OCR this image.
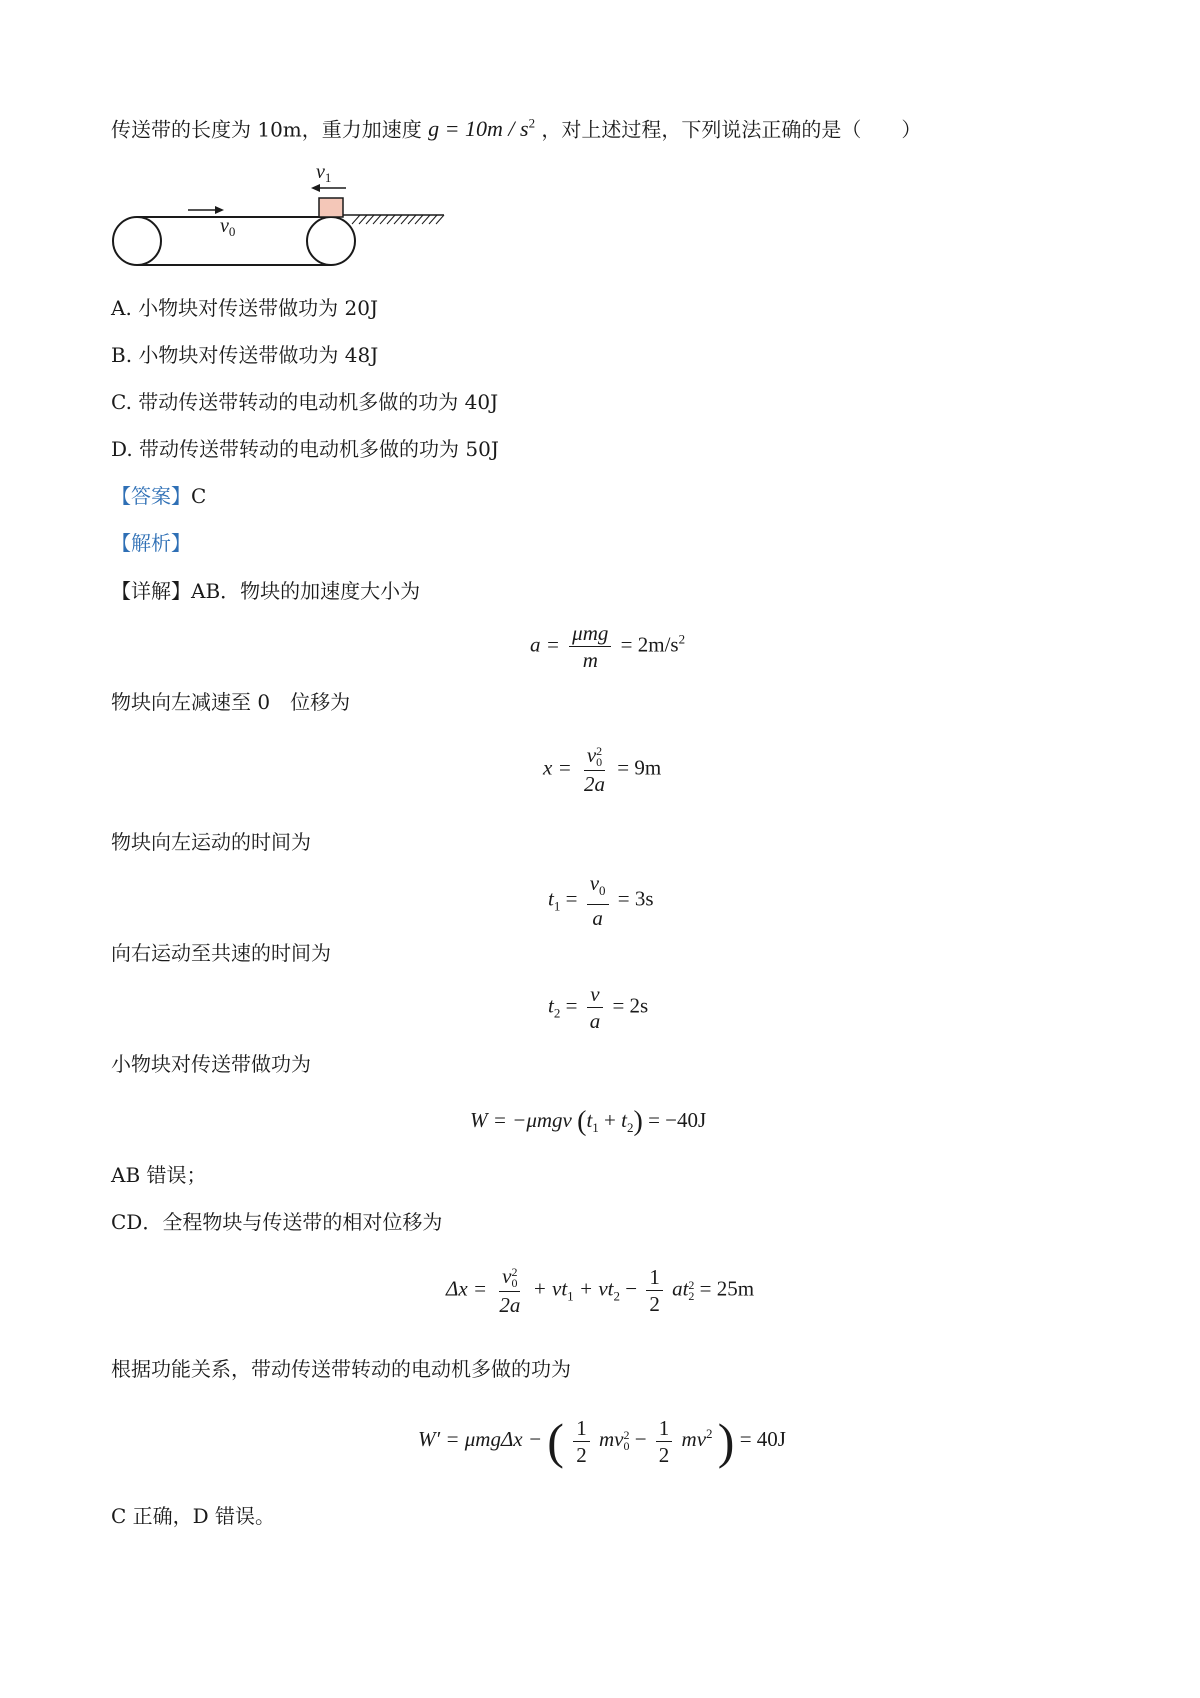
传送带的长度为 10m，重力加速度 $g = 10m / s^2$ ，对上述过程，下列说法正确的是（　　）
$v_1$
$v_0$
A. 小物块对传送带做功为 20J
B. 小物块对传送带做功为 48J
C. 带动传送带转动的电动机多做的功为 40J
D. 带动传送带转动的电动机多做的功为 50J
【答案】C
【解析】
【详解】AB．物块的加速度大小为
$a = \frac{\text{μmg}}{m} = 2m/s^2$
物块向左减速至 0　位移为
x = v 2
0
2a = 9m
物块向左运动的时间为
$t_1 = \frac{v_0}{a} = 3s$
向右运动至共速的时间为
$t_2 = \frac{v}{a} = 2s$
小物块对传送带做功为
W = −μmgv $(t_1 + t_2) = -40J$
AB 错误；
CD．全程物块与传送带的相对位移为
Δx = v 2
0
$2a + vt_1 + vt_2 - \frac{1}{2}$ at 2
2 = 25m
根据功能关系，带动传送带转动的电动机多做的功为
W′ = μmgΔx − ( $\frac{1}{2}$ mv 2
$0 - \frac{1}{2} mv^2$ ) = 40J
C 正确，D 错误。
